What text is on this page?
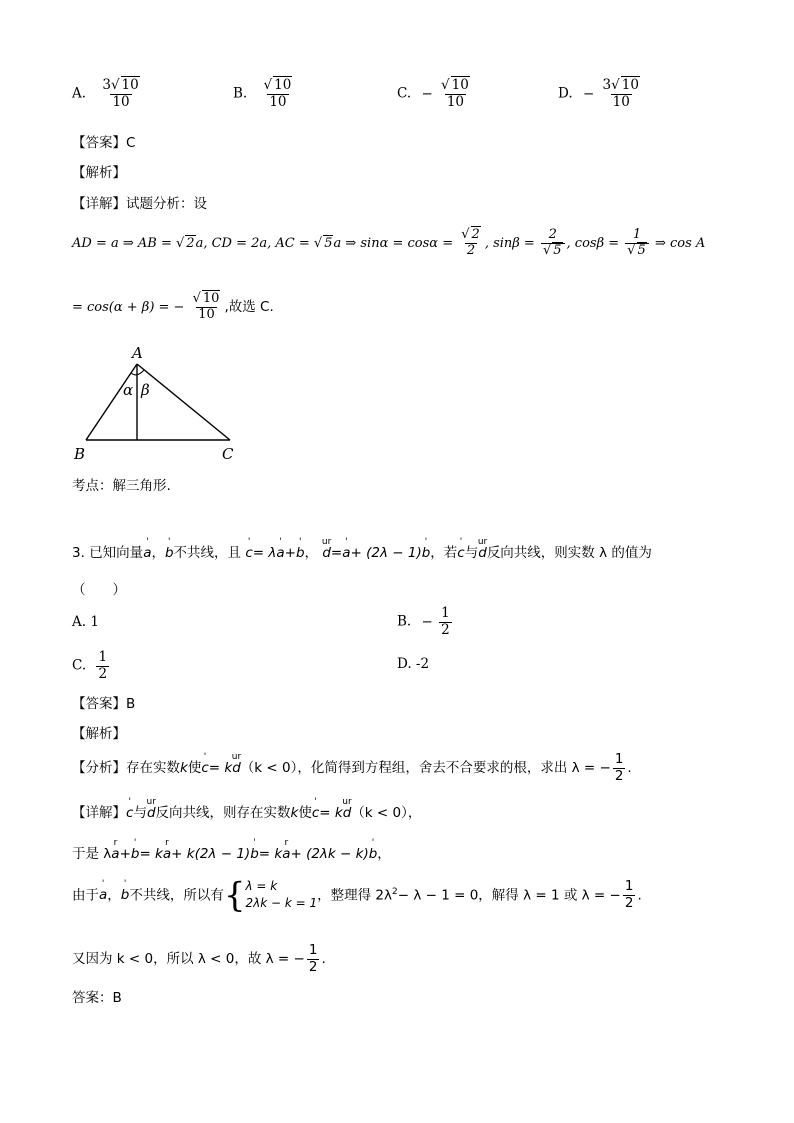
A. $\frac{3√ 10}{10}$	B. $\frac{√ 10}{10}$	C. − $\frac{√ 10}{10}$	D. − $\frac{3√ 10}{10}$
【答案】C
【解析】
【详解】试题分析：设
AD = a ⇒ AB = √ 2a, CD = 2a, AC = √ 5a ⇒ $\sin\alpha = \cos\alpha = \frac{√ 2}{2}$ , $\sin\beta = \frac{2}{√ 5}$ , $\cos\beta = \frac{1}{√ 5}$ ⇒ cos A
= cos(α + β) = − $\frac{√ 10}{10}$ ,故选 C.
A
B	C
α β
考点：解三角形.
3. 已知向量
'
a，
'
b不共线，且
'
c= λ
'
a+
'
b，
ur
d=
'
a+ (2λ − 1)
'
b，若
'
c与
ur
d反向共线，则实数 λ 的值为
（　　）
A. 1	B. − $\frac{1}{2}$
C. $\frac{1}{2}$	D. -2
【答案】B
【解析】
【分析】存在实数k使
'
c= k
ur
d（k < 0），化简得到方程组，舍去不合要求的根，求出 λ = − $\frac{1}{2}$ .
【详解】
'
c与
ur
d反向共线，则存在实数k使
'
c= k
ur
d（k < 0），
于是 λ
r
a+
'
b= k
r
a+ k(2λ − 1)
'
b= k
r
a+ (2λk − k)
'
b，
由于
'
a，
'
b不共线，所以有{ λ = k
2λk − k = 1 ，整理得 $2\lambda^2- \lambda - 1 = 0$，解得 λ = 1 或 λ = − $\frac{1}{2}$ .
又因为 k < 0，所以 λ < 0，故 λ = − $\frac{1}{2}$ .
答案：B
